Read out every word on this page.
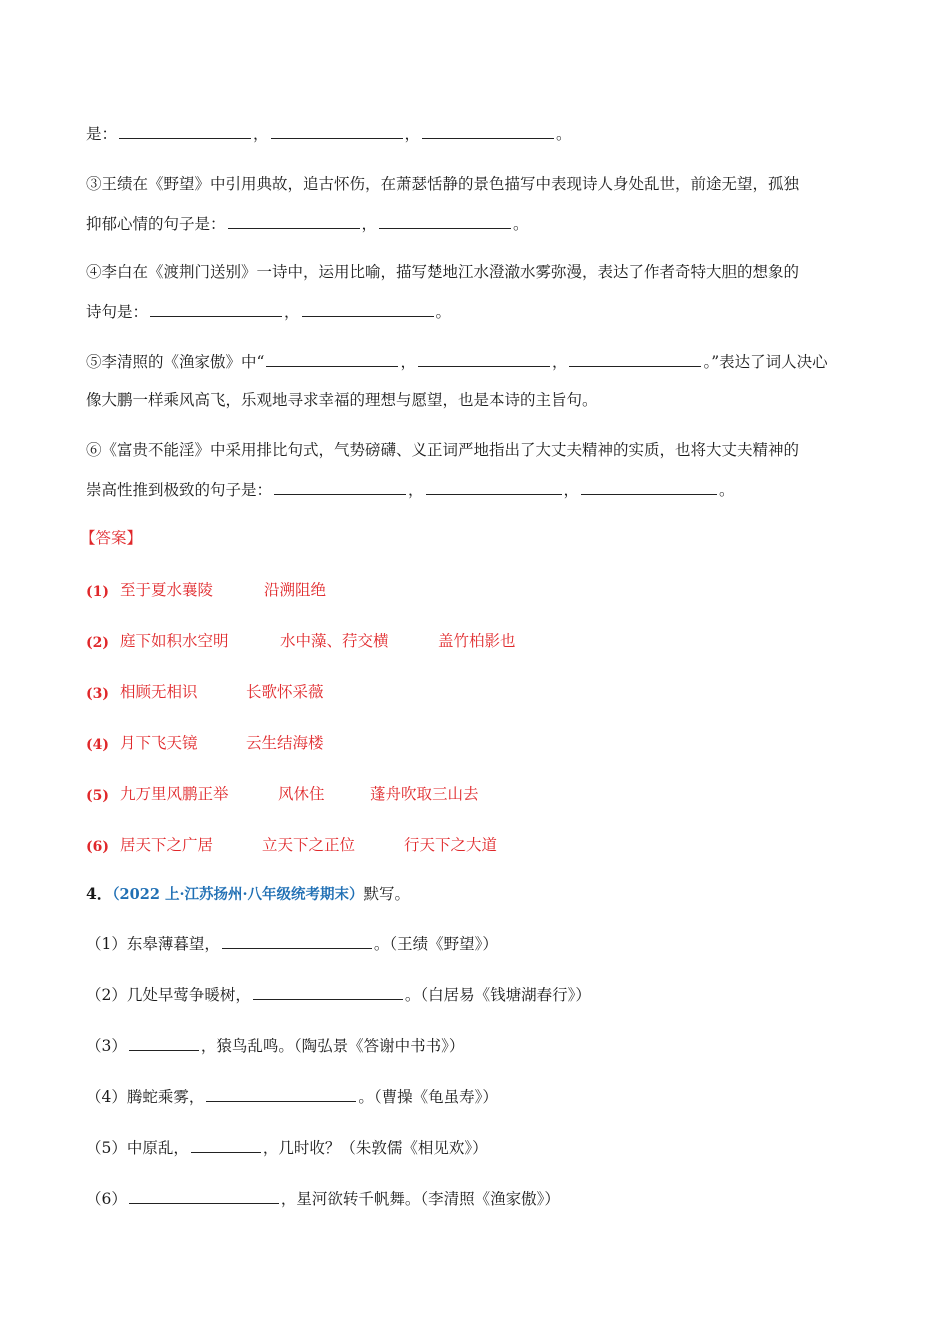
是：	，	，	。
③王绩在《野望》中引用典故，追古怀伤，在萧瑟恬静的景色描写中表现诗人身处乱世，前途无望，孤独
抑郁心情的句子是：	，	。
④李白在《渡荆门送别》一诗中，运用比喻，描写楚地江水澄澈水雾弥漫，表达了作者奇特大胆的想象的
诗句是：	，	。
⑤李清照的《渔家傲》中“	，	，	。”表达了词人决心
像大鹏一样乘风高飞，乐观地寻求幸福的理想与愿望，也是本诗的主旨句。
⑥《富贵不能淫》中采用排比句式，气势磅礴、义正词严地指出了大丈夫精神的实质，也将大丈夫精神的
崇高性推到极致的句子是：	，	，	。
【答案】
(1) 至于夏水襄陵	沿溯阻绝
(2) 庭下如积水空明	水中藻、荇交横	盖竹柏影也
(3) 相顾无相识	长歌怀采薇
(4) 月下飞天镜	云生结海楼
(5) 九万里风鹏正举	风休住	蓬舟吹取三山去
(6) 居天下之广居	立天下之正位	行天下之大道
4．（2022 上·江苏扬州·八年级统考期末）默写。
（1）东皋薄暮望，	。（王绩《野望》）
（2）几处早莺争暖树，	。（白居易《钱塘湖春行》）
（3）	，猿鸟乱鸣。（陶弘景《答谢中书书》）
（4）腾蛇乘雾，	。（曹操《龟虽寿》）
（5）中原乱，	，几时收？（朱敦儒《相见欢》）
（6）	，星河欲转千帆舞。（李清照《渔家傲》）
